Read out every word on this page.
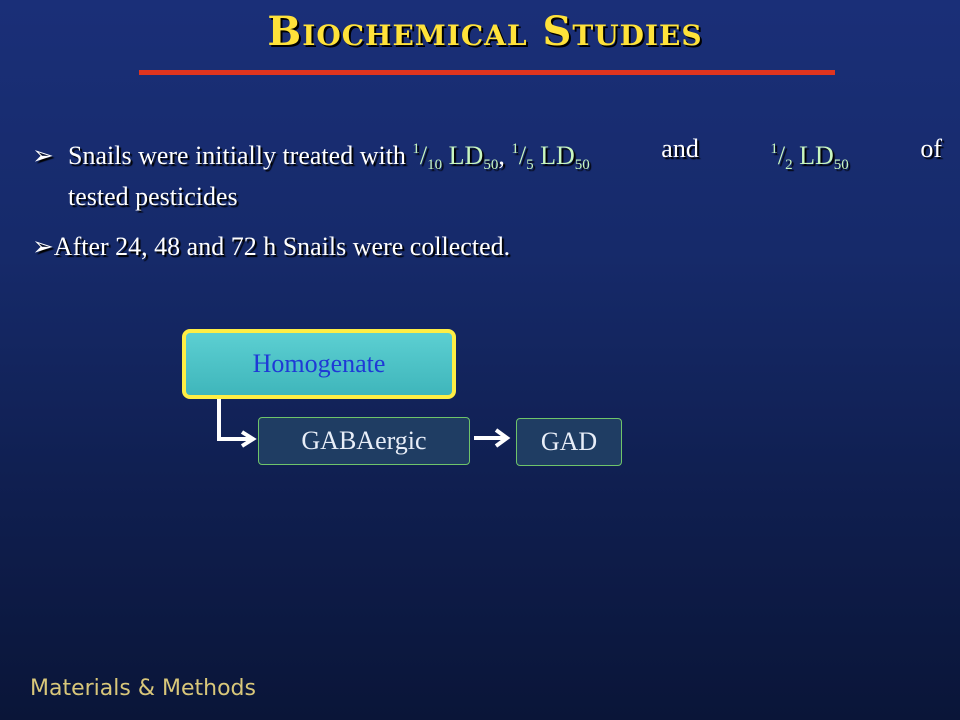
Biochemical Studies
➢ Snails were initially treated with $^1/_{10}$ $LD_{50}$, $^1/_5$ $LD_{50}$
and	$^1/_2$ $LD_{50}$
of
tested pesticides
➢After 24, 48 and 72 h Snails were collected.
Homogenate
GABAergic	GAD
Materials & Methods
